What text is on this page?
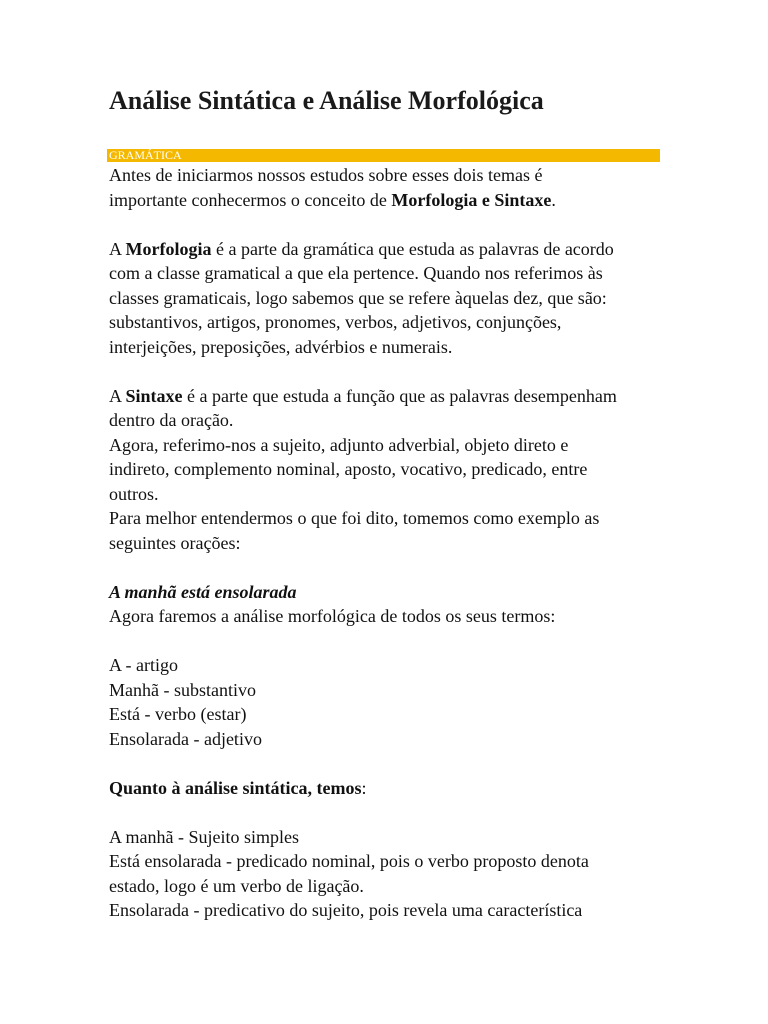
Análise Sintática e Análise Morfológica
GRAMÁTICA

Antes de iniciarmos nossos estudos sobre esses dois temas é
importante conhecermos o conceito de Morfologia e Sintaxe.

A Morfologia é a parte da gramática que estuda as palavras de acordo
com a classe gramatical a que ela pertence. Quando nos referimos às
classes gramaticais, logo sabemos que se refere àquelas dez, que são:
substantivos, artigos, pronomes, verbos, adjetivos, conjunções,
interjeições, preposições, advérbios e numerais.

A Sintaxe é a parte que estuda a função que as palavras desempenham
dentro da oração.
Agora, referimo-nos a sujeito, adjunto adverbial, objeto direto e
indireto, complemento nominal, aposto, vocativo, predicado, entre
outros.
Para melhor entendermos o que foi dito, tomemos como exemplo as
seguintes orações:

A manhã está ensolarada
Agora faremos a análise morfológica de todos os seus termos:

A - artigo
Manhã - substantivo
Está - verbo (estar)
Ensolarada - adjetivo

Quanto à análise sintática, temos:

A manhã - Sujeito simples
Está ensolarada - predicado nominal, pois o verbo proposto denota
estado, logo é um verbo de ligação.
Ensolarada - predicativo do sujeito, pois revela uma característica
